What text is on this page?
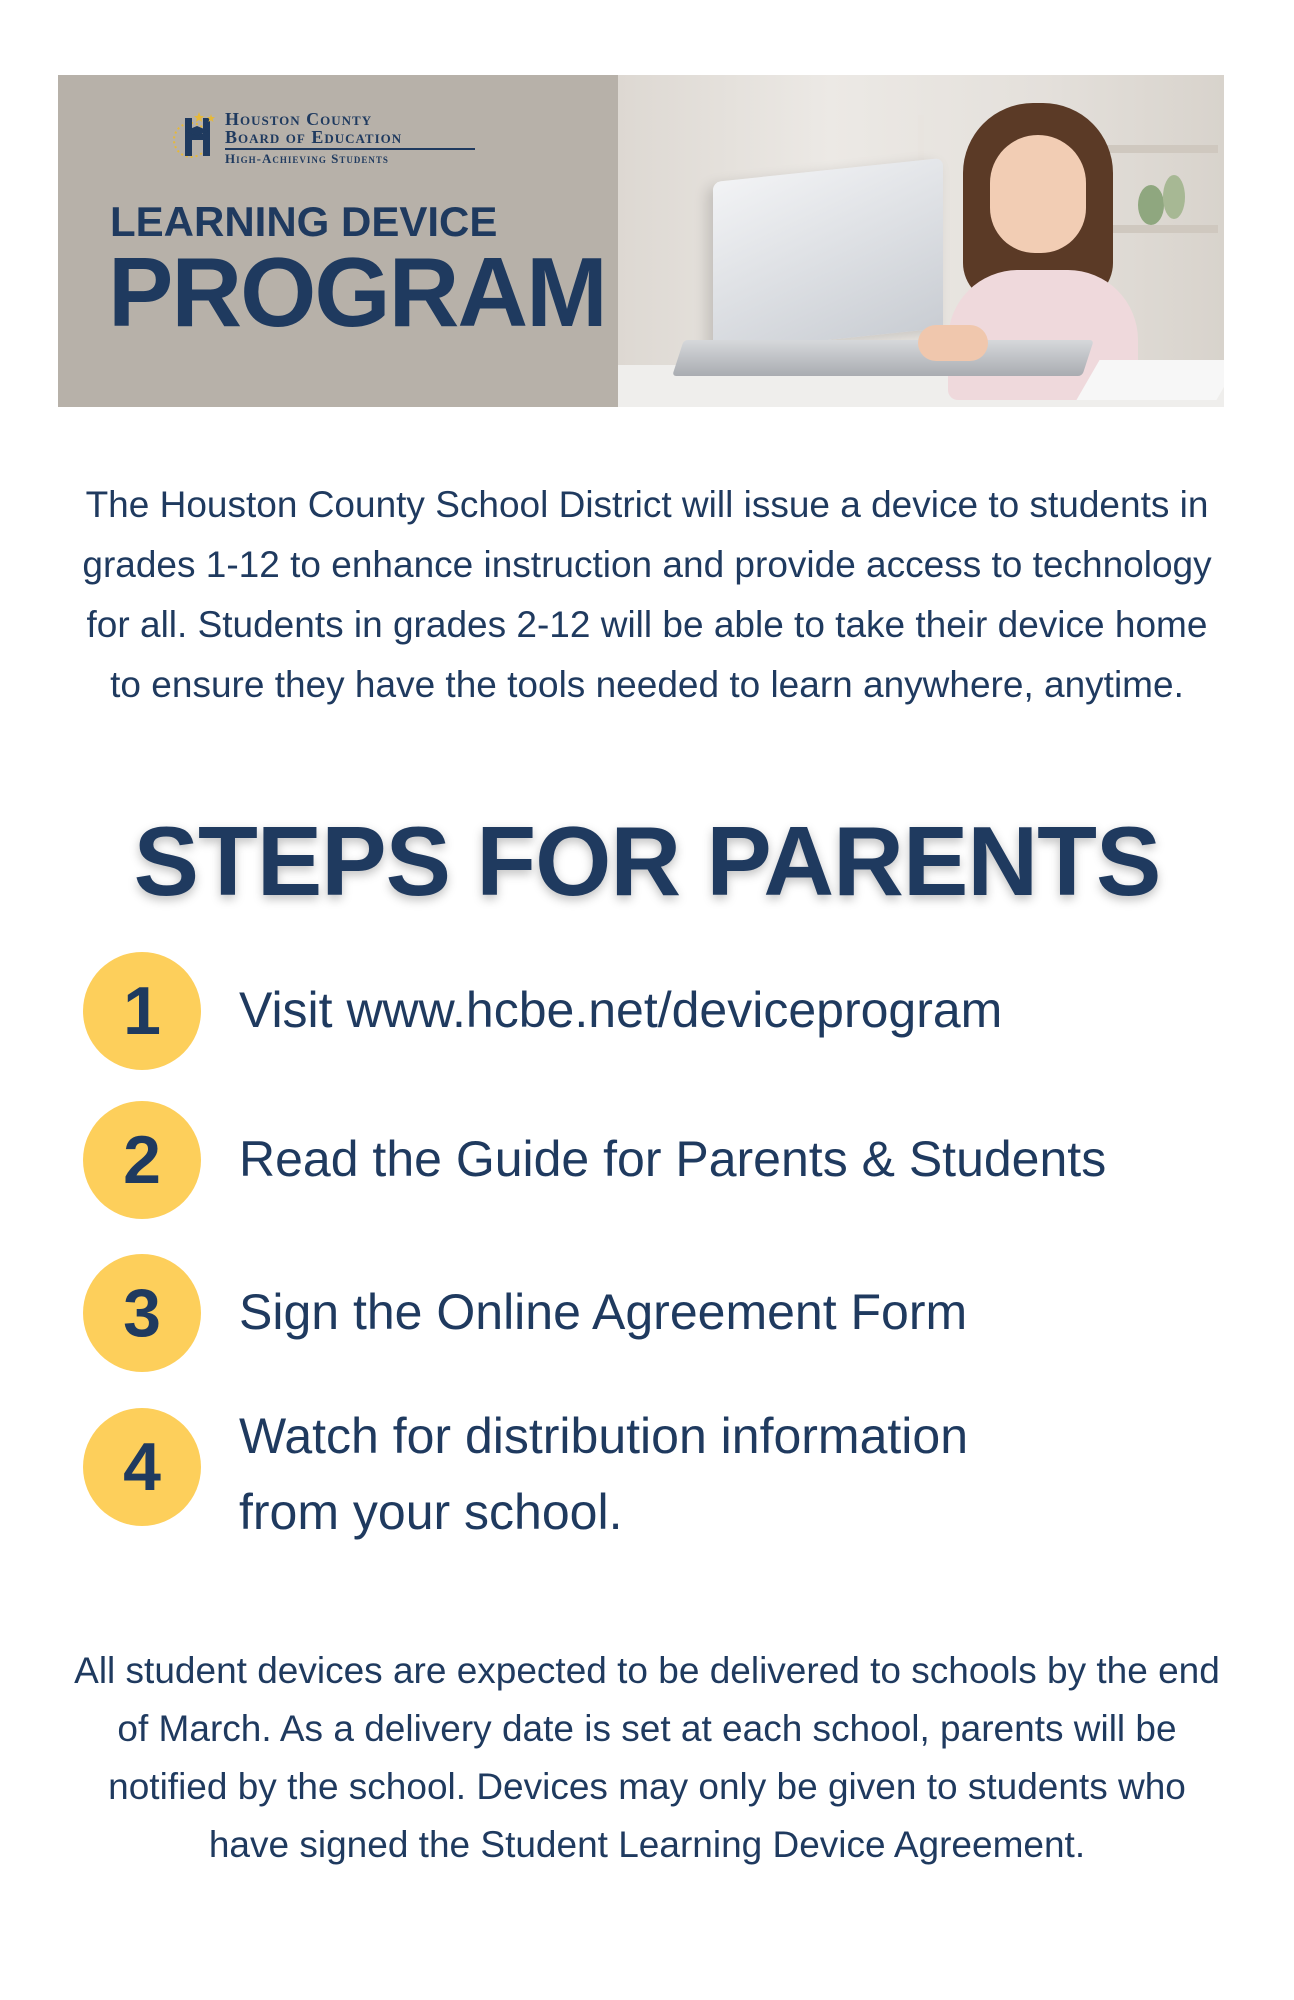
Houston County
Board of Education
High-Achieving Students
LEARNING DEVICE
PROGRAM
The Houston County School District will issue a device to students in grades 1-12 to enhance instruction and provide access to technology for all. Students in grades 2-12 will be able to take their device home to ensure they have the tools needed to learn anywhere, anytime.
STEPS FOR PARENTS
1	Visit www.hcbe.net/deviceprogram
2	Read the Guide for Parents & Students
3	Sign the Online Agreement Form
4	Watch for distribution information from your school.
All student devices are expected to be delivered to schools by the end of March. As a delivery date is set at each school, parents will be notified by the school. Devices may only be given to students who have signed the Student Learning Device Agreement.
